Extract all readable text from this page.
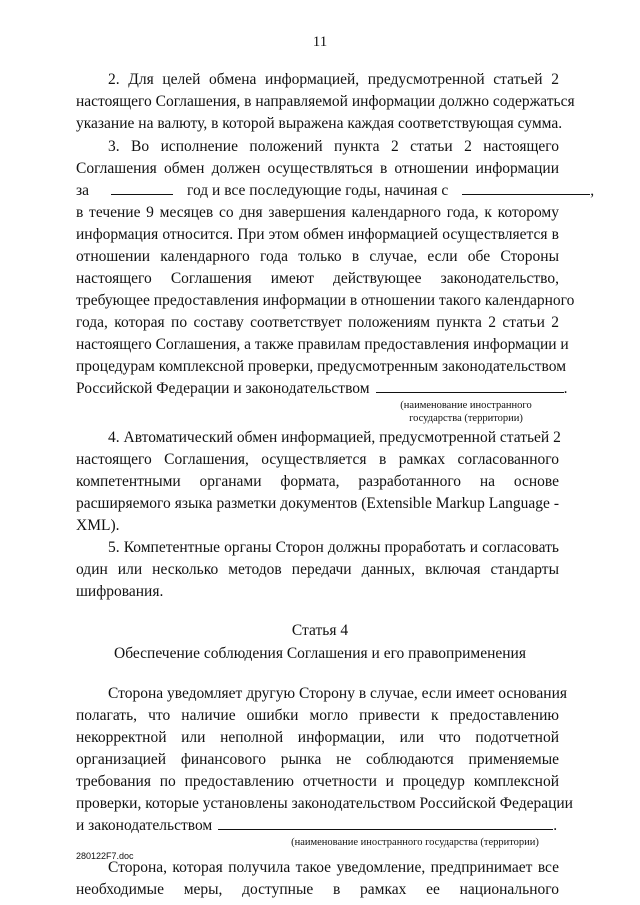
11
2. Для целей обмена информацией, предусмотренной статьей 2
настоящего Соглашения, в направляемой информации должно содержаться
указание на валюту, в которой выражена каждая соответствующая сумма.
3. Во исполнение положений пункта 2 статьи 2 настоящего
Соглашения обмен должен осуществляться в отношении информации
за	год и все последующие годы, начиная с	,
в течение 9 месяцев со дня завершения календарного года, к которому
информация относится. При этом обмен информацией осуществляется в
отношении календарного года только в случае, если обе Стороны
настоящего Соглашения имеют действующее законодательство,
требующее предоставления информации в отношении такого календарного
года, которая по составу соответствует положениям пункта 2 статьи 2
настоящего Соглашения, а также правилам предоставления информации и
процедурам комплексной проверки, предусмотренным законодательством
Российской Федерации и законодательством	.
(наименование иностранного
государства (территории)
4. Автоматический обмен информацией, предусмотренной статьей 2
настоящего Соглашения, осуществляется в рамках согласованного
компетентными органами формата, разработанного на основе
расширяемого языка разметки документов (Extensible Markup Language -
XML).
5. Компетентные органы Сторон должны проработать и согласовать
один или несколько методов передачи данных, включая стандарты
шифрования.
Статья 4
Обеспечение соблюдения Соглашения и его правоприменения
Сторона уведомляет другую Сторону в случае, если имеет основания
полагать, что наличие ошибки могло привести к предоставлению
некорректной или неполной информации, или что подотчетной
организацией финансового рынка не соблюдаются применяемые
требования по предоставлению отчетности и процедур комплексной
проверки, которые установлены законодательством Российской Федерации
и законодательством	.
280122F7.doc
(наименование иностранного государства (территории)
Сторона, которая получила такое уведомление, предпринимает все
необходимые меры, доступные в рамках ее национального
